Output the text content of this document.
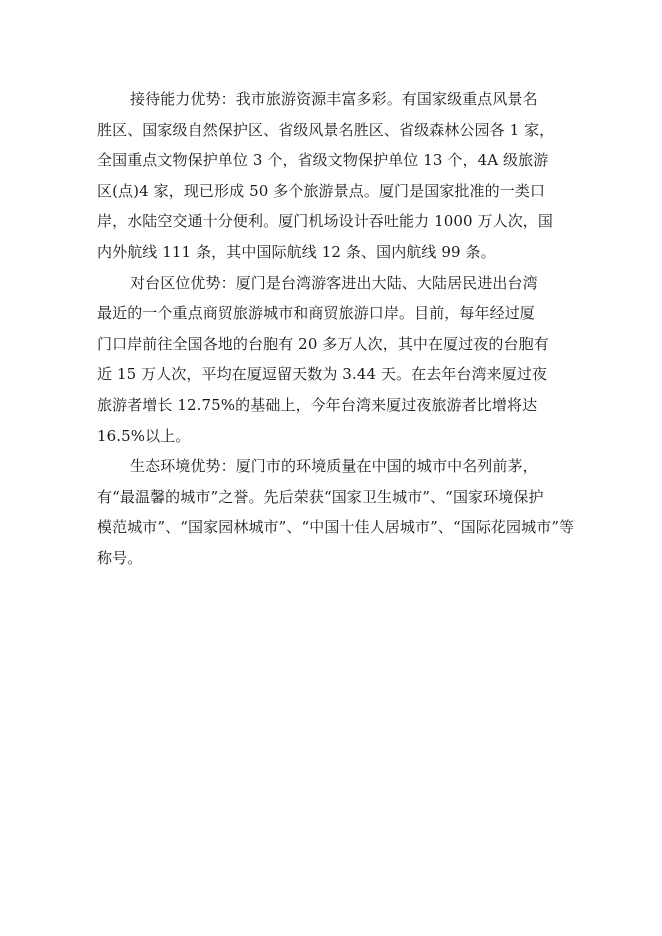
接待能力优势：我市旅游资源丰富多彩。有国家级重点风景名
胜区、国家级自然保护区、省级风景名胜区、省级森林公园各 1 家，
全国重点文物保护单位 3 个，省级文物保护单位 13 个，4A 级旅游
区(点)4 家，现已形成 50 多个旅游景点。厦门是国家批准的一类口
岸，水陆空交通十分便利。厦门机场设计吞吐能力 1000 万人次，国
内外航线 111 条，其中国际航线 12 条、国内航线 99 条。
对台区位优势：厦门是台湾游客进出大陆、大陆居民进出台湾
最近的一个重点商贸旅游城市和商贸旅游口岸。目前，每年经过厦
门口岸前往全国各地的台胞有 20 多万人次，其中在厦过夜的台胞有
近 15 万人次，平均在厦逗留天数为 3.44 天。在去年台湾来厦过夜
旅游者增长 12.75%的基础上，今年台湾来厦过夜旅游者比增将达
16.5%以上。
生态环境优势：厦门市的环境质量在中国的城市中名列前茅，
有“最温馨的城市”之誉。先后荣获“国家卫生城市”、“国家环境保护
模范城市”、“国家园林城市”、“中国十佳人居城市”、“国际花园城市”等
称号。
